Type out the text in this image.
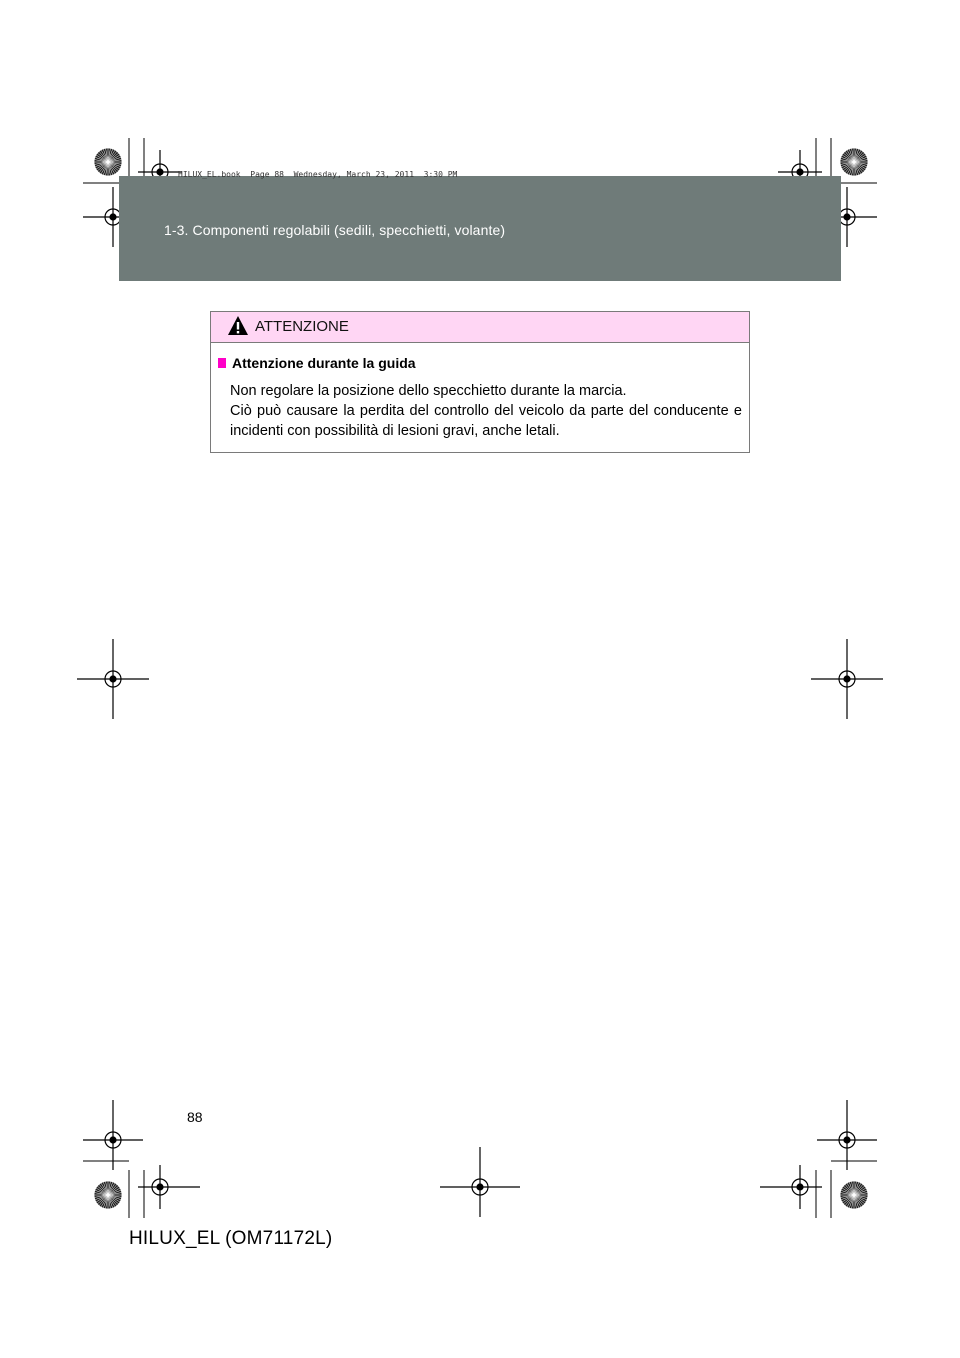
HILUX_EL.book  Page 88  Wednesday, March 23, 2011  3:30 PM
1-3. Componenti regolabili (sedili, specchietti, volante)
ATTENZIONE
Attenzione durante la guida
Non regolare la posizione dello specchietto durante la marcia.
Ciò può causare la perdita del controllo del veicolo da parte del conducente e incidenti con possibilità di lesioni gravi, anche letali.
88
HILUX_EL (OM71172L)
